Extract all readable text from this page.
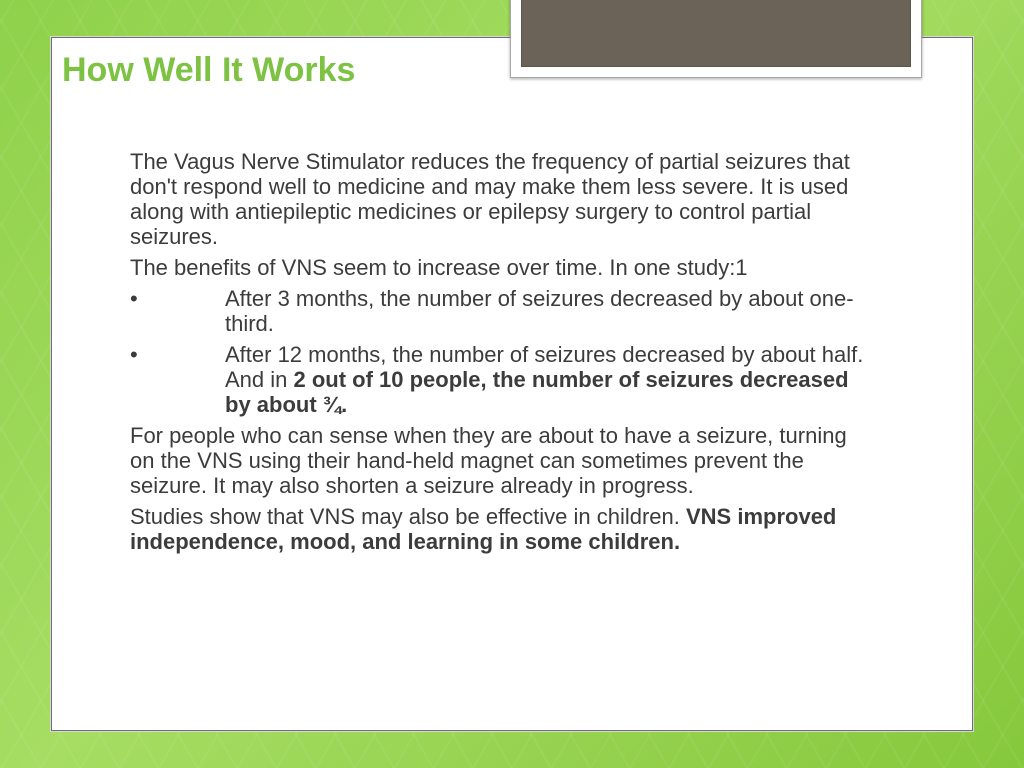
How Well It Works

The Vagus Nerve Stimulator reduces the frequency of partial seizures that don't respond well to medicine and may make them less severe. It is used along with antiepileptic medicines or epilepsy surgery to control partial seizures.

The benefits of VNS seem to increase over time. In one study:1

•	After 3 months, the number of seizures decreased by about one-third.
•	After 12 months, the number of seizures decreased by about half. And in 2 out of 10 people, the number of seizures decreased by about ¾.

For people who can sense when they are about to have a seizure, turning on the VNS using their hand-held magnet can sometimes prevent the seizure. It may also shorten a seizure already in progress.

Studies show that VNS may also be effective in children. VNS improved independence, mood, and learning in some children.
